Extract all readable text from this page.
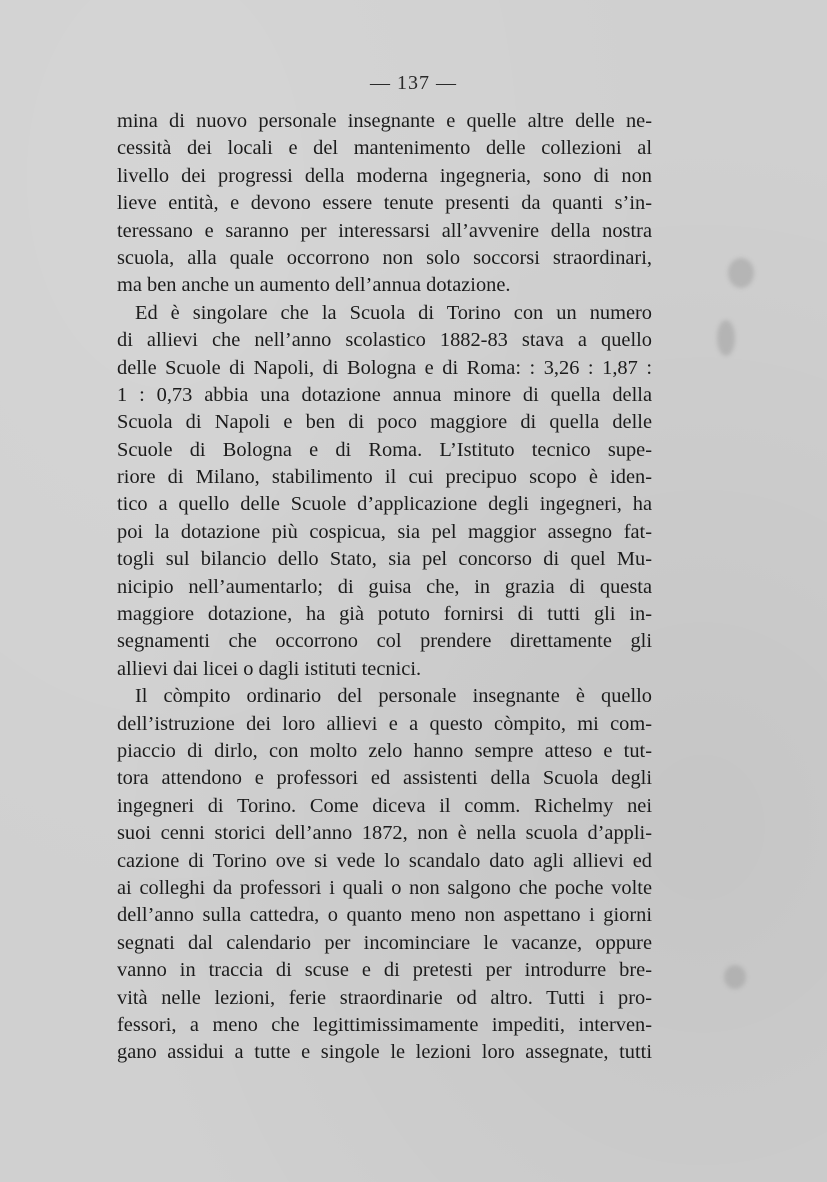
— 137 —
mina di nuovo personale insegnante e quelle altre delle ne-
cessità dei locali e del mantenimento delle collezioni al
livello dei progressi della moderna ingegneria, sono di non
lieve entità, e devono essere tenute presenti da quanti s’in-
teressano e saranno per interessarsi all’avvenire della nostra
scuola, alla quale occorrono non solo soccorsi straordinari,
ma ben anche un aumento dell’annua dotazione.
Ed è singolare che la Scuola di Torino con un numero
di allievi che nell’anno scolastico 1882-83 stava a quello
delle Scuole di Napoli, di Bologna e di Roma: : 3,26 : 1,87 :
1 : 0,73 abbia una dotazione annua minore di quella della
Scuola di Napoli e ben di poco maggiore di quella delle
Scuole di Bologna e di Roma. L’Istituto tecnico supe-
riore di Milano, stabilimento il cui precipuo scopo è iden-
tico a quello delle Scuole d’applicazione degli ingegneri, ha
poi la dotazione più cospicua, sia pel maggior assegno fat-
togli sul bilancio dello Stato, sia pel concorso di quel Mu-
nicipio nell’aumentarlo; di guisa che, in grazia di questa
maggiore dotazione, ha già potuto fornirsi di tutti gli in-
segnamenti che occorrono col prendere direttamente gli
allievi dai licei o dagli istituti tecnici.
Il còmpito ordinario del personale insegnante è quello
dell’istruzione dei loro allievi e a questo còmpito, mi com-
piaccio di dirlo, con molto zelo hanno sempre atteso e tut-
tora attendono e professori ed assistenti della Scuola degli
ingegneri di Torino. Come diceva il comm. Richelmy nei
suoi cenni storici dell’anno 1872, non è nella scuola d’appli-
cazione di Torino ove si vede lo scandalo dato agli allievi ed
ai colleghi da professori i quali o non salgono che poche volte
dell’anno sulla cattedra, o quanto meno non aspettano i giorni
segnati dal calendario per incominciare le vacanze, oppure
vanno in traccia di scuse e di pretesti per introdurre bre-
vità nelle lezioni, ferie straordinarie od altro. Tutti i pro-
fessori, a meno che legittimissimamente impediti, interven-
gano assidui a tutte e singole le lezioni loro assegnate, tutti
